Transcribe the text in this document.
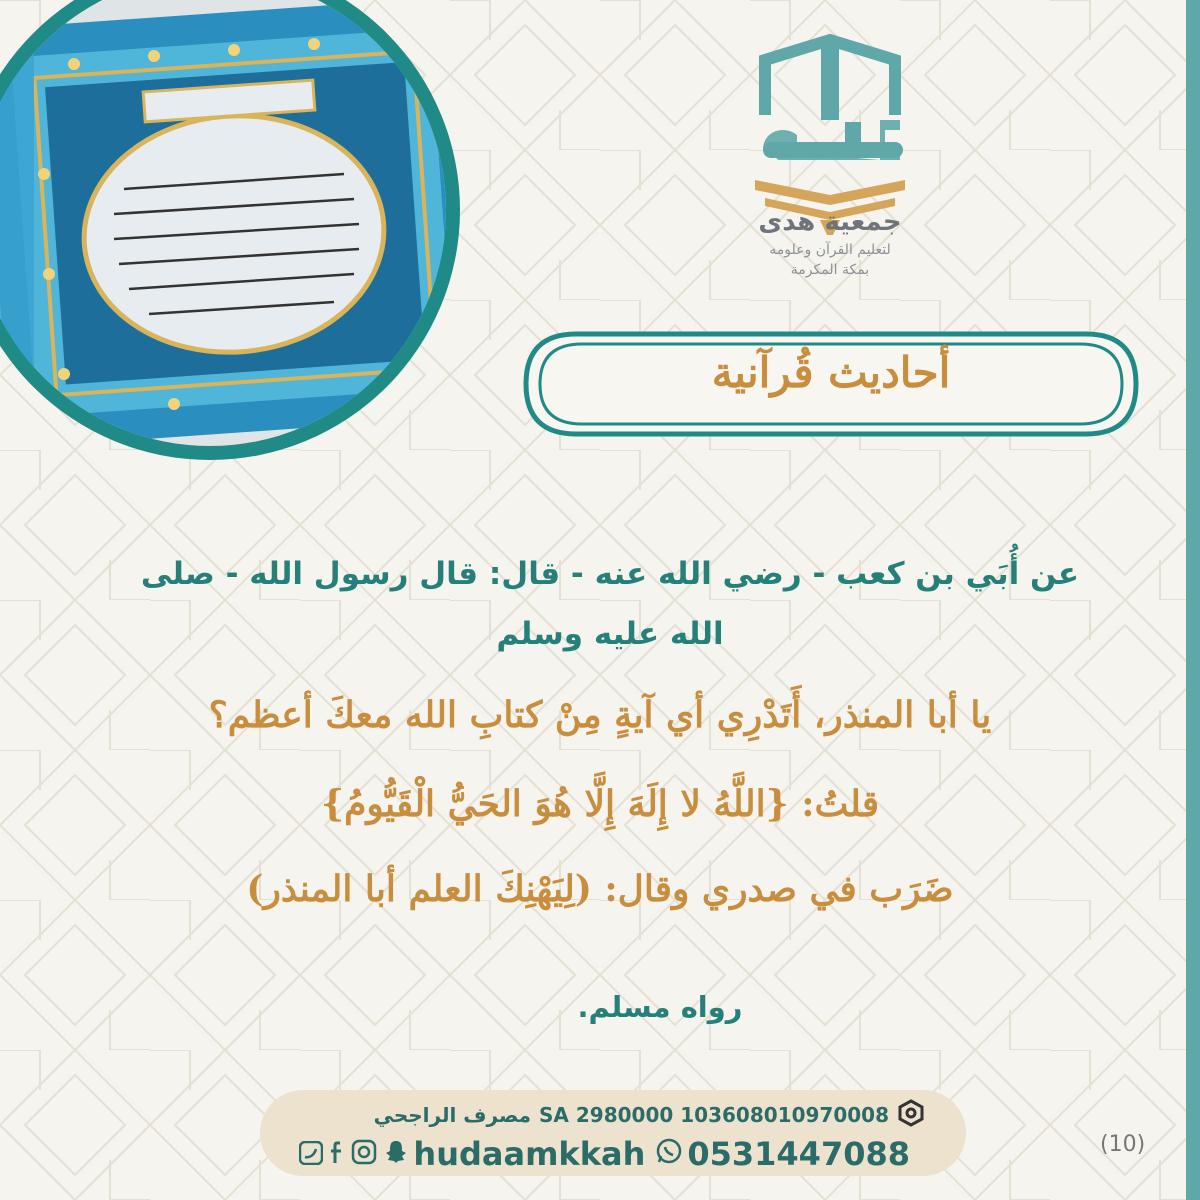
جمعية هدى
لتعليم القرآن وعلومه
بمكة المكرمة
أحاديث قُرآنية
عن أُبَي بن كعب - رضي الله عنه - قال: قال رسول الله - صلى الله عليه وسلم
يا أبا المنذر، أَتَدْرِي أي آيةٍ مِنْ كتابِ الله معكَ أعظم؟
قلتُ: {اللَّهُ لا إِلَهَ إِلَّا هُوَ الحَيُّ الْقَيُّومُ}
ضَرَب في صدري وقال: (لِيَهْنِكَ العلم أبا المنذر)
رواه مسلم.
مصرف الراجحي SA 2980000 103608010970008
hudaamkkah 0531447088	(10)
